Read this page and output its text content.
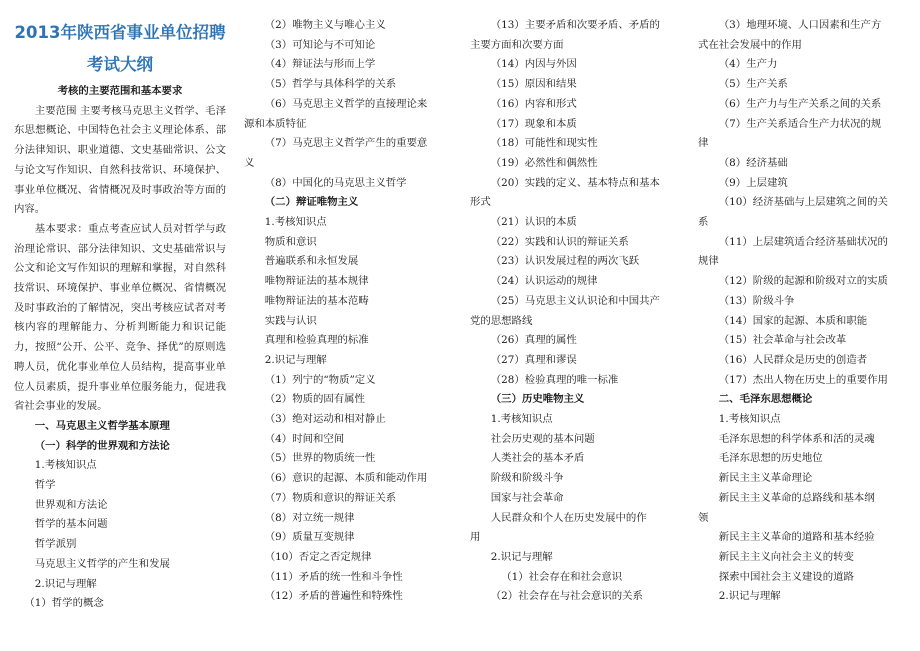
2013年陕西省事业单位招聘
考试大纲
考核的主要范围和基本要求
主要范围 主要考核马克思主义哲学、毛泽东思想概论、中国特色社会主义理论体系、部分法律知识、职业道德、文史基础常识、公文与论文写作知识、自然科技常识、环境保护、事业单位概况、省情概况及时事政治等方面的内容。
基本要求：重点考查应试人员对哲学与政治理论常识、部分法律知识、文史基础常识与公文和论文写作知识的理解和掌握，对自然科技常识、环境保护、事业单位概况、省情概况及时事政治的了解情况，突出考核应试者对考核内容的理解能力、分析判断能力和识记能力，按照“公开、公平、竞争、择优”的原则选聘人员，优化事业单位人员结构，提高事业单位人员素质，提升事业单位服务能力，促进我省社会事业的发展。
一、马克思主义哲学基本原理
（一）科学的世界观和方法论
1.考核知识点
哲学
世界观和方法论
哲学的基本问题
哲学派别
马克思主义哲学的产生和发展
2.识记与理解
（1）哲学的概念
（2）唯物主义与唯心主义
（3）可知论与不可知论
（4）辩证法与形而上学
（5）哲学与具体科学的关系
（6）马克思主义哲学的直接理论来
源和本质特征
（7）马克思主义哲学产生的重要意
义
（8）中国化的马克思主义哲学
（二）辩证唯物主义
1.考核知识点
物质和意识
普遍联系和永恒发展
唯物辩证法的基本规律
唯物辩证法的基本范畴
实践与认识
真理和检验真理的标准
2.识记与理解
（1）列宁的“物质”定义
（2）物质的固有属性
（3）绝对运动和相对静止
（4）时间和空间
（5）世界的物质统一性
（6）意识的起源、本质和能动作用
（7）物质和意识的辩证关系
（8）对立统一规律
（9）质量互变规律
（10）否定之否定规律
（11）矛盾的统一性和斗争性
（12）矛盾的普遍性和特殊性
（13）主要矛盾和次要矛盾、矛盾的
主要方面和次要方面
（14）内因与外因
（15）原因和结果
（16）内容和形式
（17）现象和本质
（18）可能性和现实性
（19）必然性和偶然性
（20）实践的定义、基本特点和基本
形式
（21）认识的本质
（22）实践和认识的辩证关系
（23）认识发展过程的两次飞跃
（24）认识运动的规律
（25）马克思主义认识论和中国共产
党的思想路线
（26）真理的属性
（27）真理和谬误
（28）检验真理的唯一标准
（三）历史唯物主义
1.考核知识点
社会历史观的基本问题
人类社会的基本矛盾
阶级和阶级斗争
国家与社会革命
人民群众和个人在历史发展中的作
用
2.识记与理解
（1）社会存在和社会意识
（2）社会存在与社会意识的关系
（3）地理环境、人口因素和生产方
式在社会发展中的作用
（4）生产力
（5）生产关系
（6）生产力与生产关系之间的关系
（7）生产关系适合生产力状况的规
律
（8）经济基础
（9）上层建筑
（10）经济基础与上层建筑之间的关
系
（11）上层建筑适合经济基础状况的
规律
（12）阶级的起源和阶级对立的实质
（13）阶级斗争
（14）国家的起源、本质和职能
（15）社会革命与社会改革
（16）人民群众是历史的创造者
（17）杰出人物在历史上的重要作用
二、毛泽东思想概论
1.考核知识点
毛泽东思想的科学体系和活的灵魂
毛泽东思想的历史地位
新民主主义革命理论
新民主主义革命的总路线和基本纲
领
新民主主义革命的道路和基本经验
新民主主义向社会主义的转变
探索中国社会主义建设的道路
2.识记与理解
